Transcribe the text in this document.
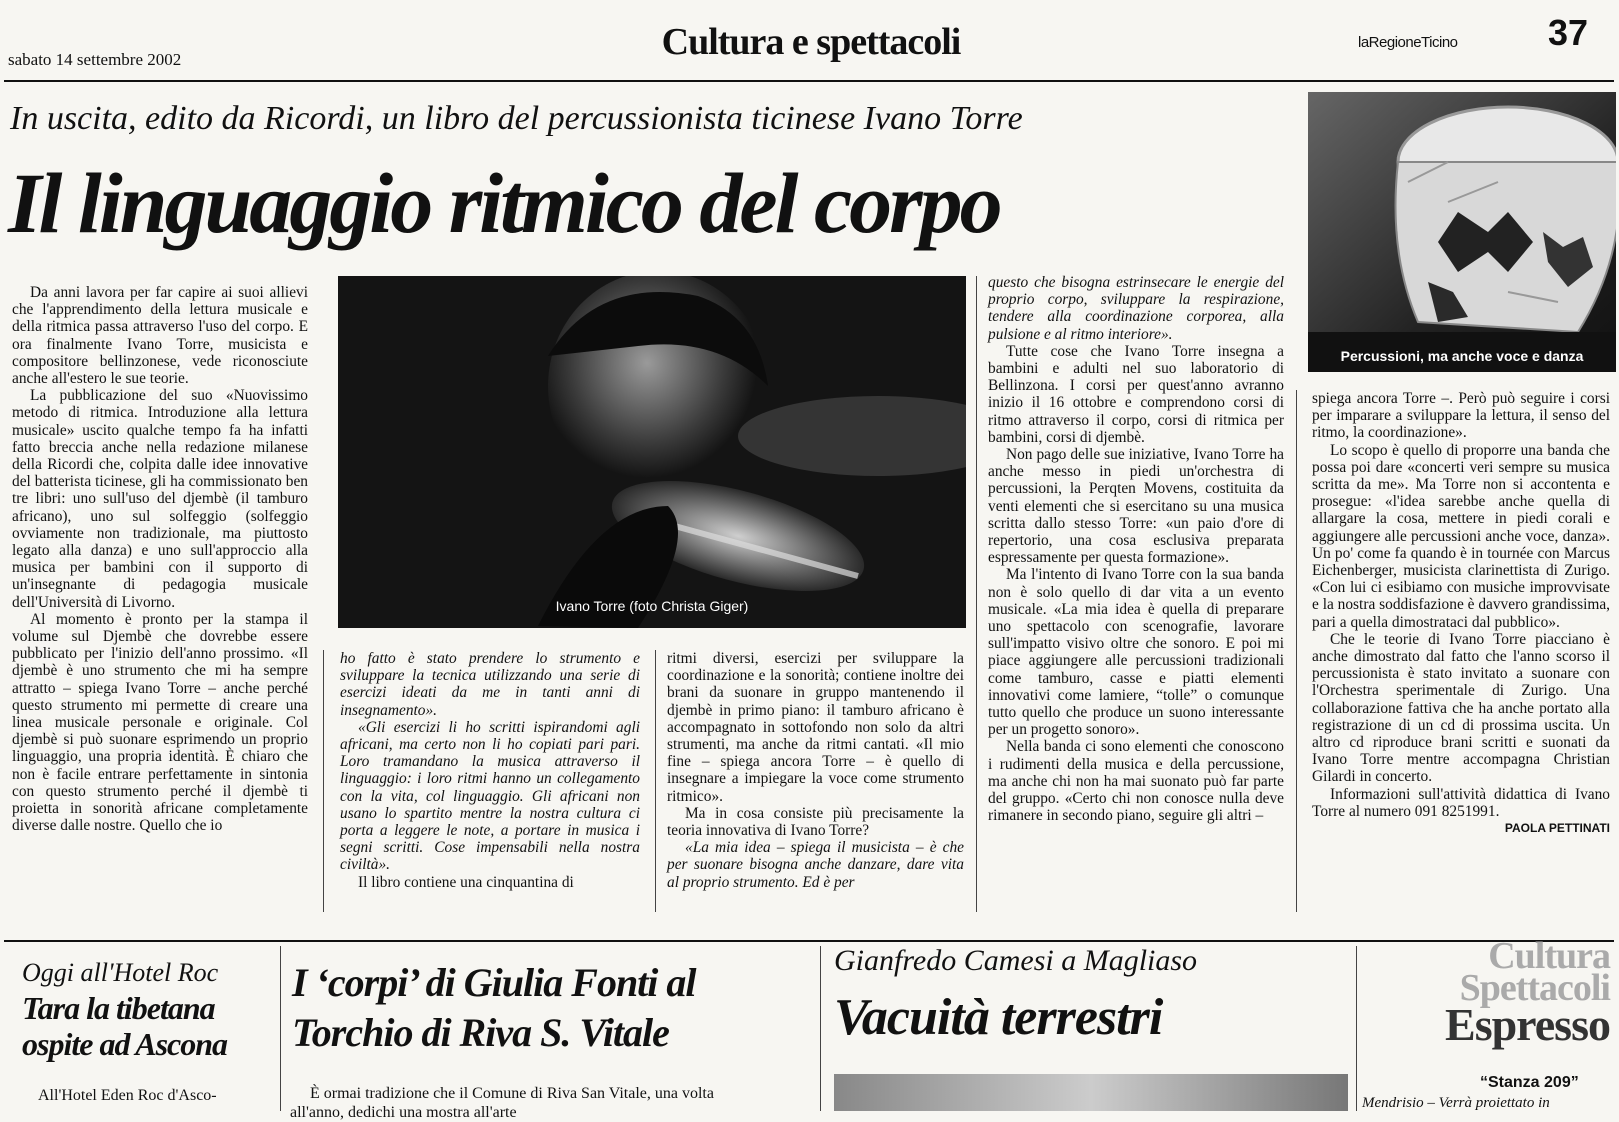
sabato 14 settembre 2002	Cultura e spettacoli	laRegioneTicino	37
In uscita, edito da Ricordi, un libro del percussionista ticinese Ivano Torre
Il linguaggio ritmico del corpo
Percussioni, ma anche voce e danza
Ivano Torre (foto Christa Giger)

Da anni lavora per far capire ai suoi allievi che l'apprendimento della lettura musicale e della ritmica passa attraverso l'uso del corpo. E ora finalmente Ivano Torre, musicista e compositore bellinzonese, vede riconosciute anche all'estero le sue teorie.

La pubblicazione del suo «Nuovissimo metodo di ritmica. Introduzione alla lettura musicale» uscito qualche tempo fa ha infatti fatto breccia anche nella redazione milanese della Ricordi che, colpita dalle idee innovative del batterista ticinese, gli ha commissionato ben tre libri: uno sull'uso del djembè (il tamburo africano), uno sul solfeggio (solfeggio ovviamente non tradizionale, ma piuttosto legato alla danza) e uno sull'approccio alla musica per bambini con il supporto di un'insegnante di pedagogia musicale dell'Università di Livorno.

Al momento è pronto per la stampa il volume sul Djembè che dovrebbe essere pubblicato per l'inizio dell'anno prossimo. «Il djembè è uno strumento che mi ha sempre attratto – spiega Ivano Torre – anche perché questo strumento mi permette di creare una linea musicale personale e originale. Col djembè si può suonare esprimendo un proprio linguaggio, una propria identità. È chiaro che non è facile entrare perfettamente in sintonia con questo strumento perché il djembè ti proietta in sonorità africane completamente diverse dalle nostre. Quello che io

ho fatto è stato prendere lo strumento e sviluppare la tecnica utilizzando una serie di esercizi ideati da me in tanti anni di insegnamento».

«Gli esercizi li ho scritti ispirandomi agli africani, ma certo non li ho copiati pari pari. Loro tramandano la musica attraverso il linguaggio: i loro ritmi hanno un collegamento con la vita, col linguaggio. Gli africani non usano lo spartito mentre la nostra cultura ci porta a leggere le note, a portare in musica i segni scritti. Cose impensabili nella nostra civiltà».

Il libro contiene una cinquantina di

ritmi diversi, esercizi per sviluppare la coordinazione e la sonorità; contiene inoltre dei brani da suonare in gruppo mantenendo il djembè in primo piano: il tamburo africano è accompagnato in sottofondo non solo da altri strumenti, ma anche da ritmi cantati. «Il mio fine – spiega ancora Torre – è quello di insegnare a impiegare la voce come strumento ritmico».

Ma in cosa consiste più precisamente la teoria innovativa di Ivano Torre?

«La mia idea – spiega il musicista – è che per suonare bisogna anche danzare, dare vita al proprio strumento. Ed è per

questo che bisogna estrinsecare le energie del proprio corpo, sviluppare la respirazione, tendere alla coordinazione corporea, alla pulsione e al ritmo interiore».

Tutte cose che Ivano Torre insegna a bambini e adulti nel suo laboratorio di Bellinzona. I corsi per quest'anno avranno inizio il 16 ottobre e comprendono corsi di ritmo attraverso il corpo, corsi di ritmica per bambini, corsi di djembè.

Non pago delle sue iniziative, Ivano Torre ha anche messo in piedi un'orchestra di percussioni, la Perqten Movens, costituita da venti elementi che si esercitano su una musica scritta dallo stesso Torre: «un paio d'ore di repertorio, una cosa esclusiva preparata espressamente per questa formazione».

Ma l'intento di Ivano Torre con la sua banda non è solo quello di dar vita a un evento musicale. «La mia idea è quella di preparare uno spettacolo con scenografie, lavorare sull'impatto visivo oltre che sonoro. E poi mi piace aggiungere alle percussioni tradizionali come tamburo, casse e piatti elementi innovativi come lamiere, “tolle” o comunque tutto quello che produce un suono interessante per un progetto sonoro».

Nella banda ci sono elementi che conoscono i rudimenti della musica e della percussione, ma anche chi non ha mai suonato può far parte del gruppo. «Certo chi non conosce nulla deve rimanere in secondo piano, seguire gli altri –

spiega ancora Torre –. Però può seguire i corsi per imparare a sviluppare la lettura, il senso del ritmo, la coordinazione».

Lo scopo è quello di proporre una banda che possa poi dare «concerti veri sempre su musica scritta da me». Ma Torre non si accontenta e prosegue: «l'idea sarebbe anche quella di allargare la cosa, mettere in piedi corali e aggiungere alle percussioni anche voce, danza». Un po' come fa quando è in tournée con Marcus Eichenberger, musicista clarinettista di Zurigo. «Con lui ci esibiamo con musiche improvvisate e la nostra soddisfazione è davvero grandissima, pari a quella dimostrataci dal pubblico».

Che le teorie di Ivano Torre piacciano è anche dimostrato dal fatto che l'anno scorso il percussionista è stato invitato a suonare con l'Orchestra sperimentale di Zurigo. Una collaborazione fattiva che ha anche portato alla registrazione di un cd di prossima uscita. Un altro cd riproduce brani scritti e suonati da Ivano Torre mentre accompagna Christian Gilardi in concerto.

Informazioni sull'attività didattica di Ivano Torre al numero 091 8251991.

PAOLA PETTINATI
Oggi all'Hotel Roc
Tara la tibetana ospite ad Ascona
All'Hotel Eden Roc d'Asco-
I ‘corpi’ di Giulia Fonti al Torchio di Riva S. Vitale
È ormai tradizione che il Comune di Riva San Vitale, una volta
all'anno, dedichi una mostra all'arte
Gianfredo Camesi a Magliaso
Vacuità terrestri
Cultura
Spettacoli
Espresso
“Stanza 209”
Mendrisio – Verrà proiettato in
